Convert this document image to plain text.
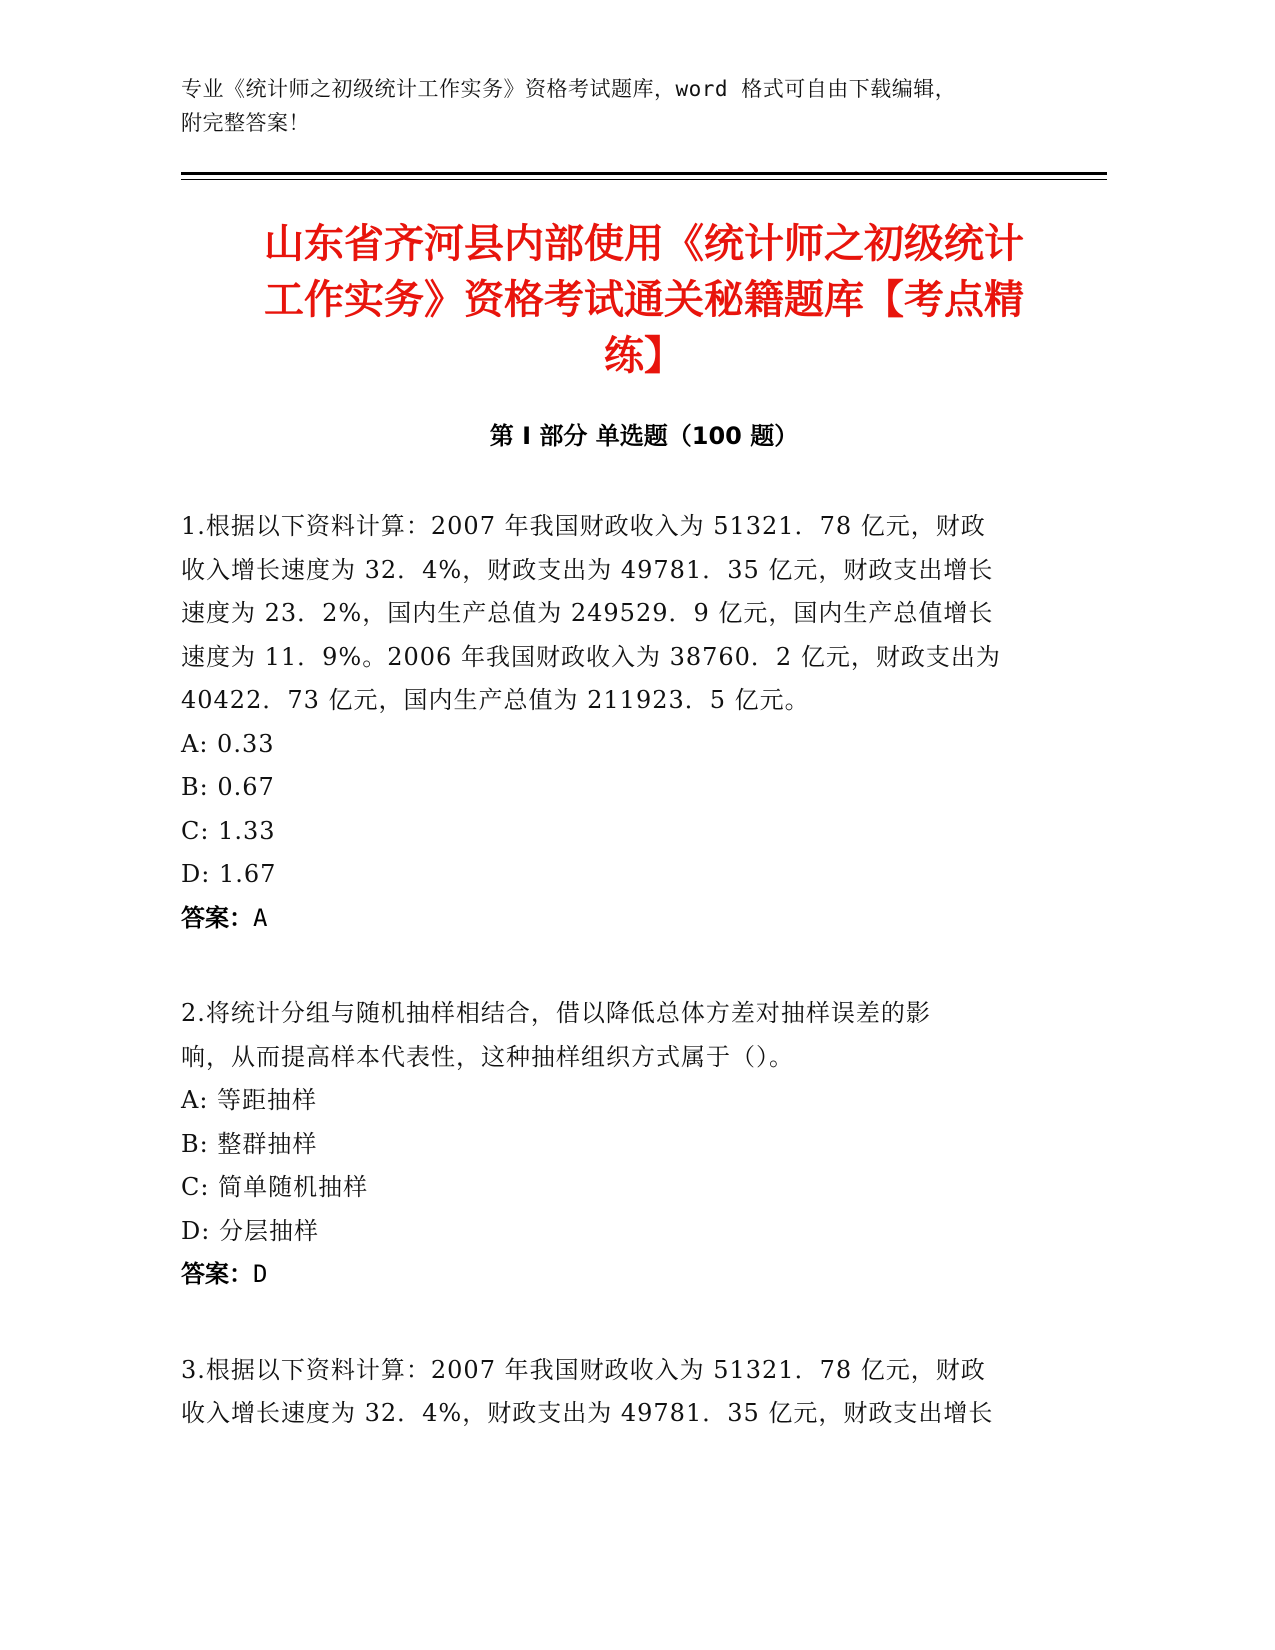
专业《统计师之初级统计工作实务》资格考试题库，word 格式可自由下载编辑，
附完整答案！
山东省齐河县内部使用《统计师之初级统计
工作实务》资格考试通关秘籍题库【考点精
练】
第 I 部分 单选题（100 题）
1.根据以下资料计算：2007 年我国财政收入为 51321．78 亿元，财政
收入增长速度为 32．4%，财政支出为 49781．35 亿元，财政支出增长
速度为 23．2%，国内生产总值为 249529．9 亿元，国内生产总值增长
速度为 11．9%。2006 年我国财政收入为 38760．2 亿元，财政支出为
40422．73 亿元，国内生产总值为 211923．5 亿元。
A: 0.33
B: 0.67
C: 1.33
D: 1.67
答案：A
2.将统计分组与随机抽样相结合，借以降低总体方差对抽样误差的影
响，从而提高样本代表性，这种抽样组织方式属于（）。
A: 等距抽样
B: 整群抽样
C: 简单随机抽样
D: 分层抽样
答案：D
3.根据以下资料计算：2007 年我国财政收入为 51321．78 亿元，财政
收入增长速度为 32．4%，财政支出为 49781．35 亿元，财政支出增长
